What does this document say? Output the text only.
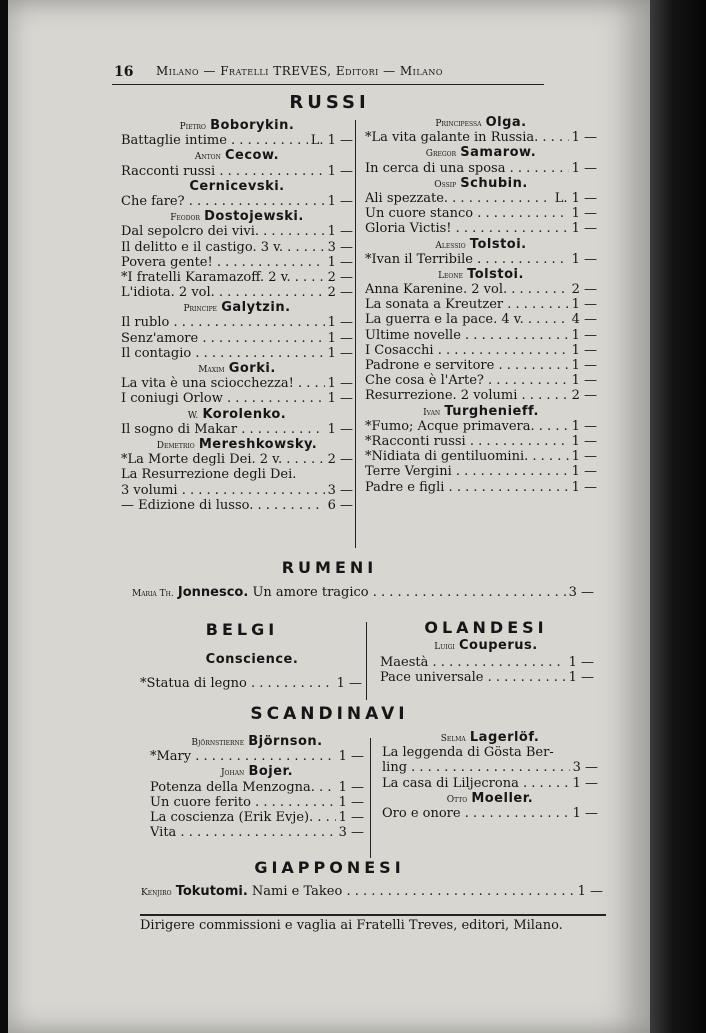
16 Milano — Fratelli TREVES, Editori — Milano
RUSSI
Pietro Boborykin.
Battaglie intime . . .	L. 1 —
Anton Cecow.
Racconti russi . . .	1 —
Cernicevski.
Che fare? . . .	1 —
Feodor Dostojewski.
Dal sepolcro dei vivi. . . .	1 —
Il delitto e il castigo. 3 v. . . .	3 —
Povera gente! . . .	1 —
*I fratelli Karamazoff. 2 v. . . .	2 —
L'idiota. 2 vol. . . .	2 —
Principe Galytzin.
Il rublo . . .	1 —
Senz'amore . . .	1 —
Il contagio . . .	1 —
Maxim Gorki.
La vita è una sciocchezza! . . .	1 —
I coniugi Orlow . . .	1 —
W. Korolenko.
Il sogno di Makar . . .	1 —
Demetrio Mereshkowsky.
*La Morte degli Dei. 2 v. . . .	2 —
La Resurrezione degli Dei.
3 volumi . . .	3 —
— Edizione di lusso. . . .	6 —
Principessa Olga.
*La vita galante in Russia. . . .	1 —
Gregor Samarow.
In cerca di una sposa . . .	1 —
Ossip Schubin.
Ali spezzate. . . .	L. 1 —
Un cuore stanco . . .	1 —
Gloria Victis! . . .	1 —
Alessio Tolstoi.
*Ivan il Terribile . . .	1 —
Leone Tolstoi.
Anna Karenine. 2 vol. . . .	2 —
La sonata a Kreutzer . . .	1 —
La guerra e la pace. 4 v. . . .	4 —
Ultime novelle . . .	1 —
I Cosacchi . . .	1 —
Padrone e servitore . . .	1 —
Che cosa è l'Arte? . . .	1 —
Resurrezione. 2 volumi . . .	2 —
Ivan Turghenieff.
*Fumo; Acque primavera. . . .	1 —
*Racconti russi . . .	1 —
*Nidiata di gentiluomini. . . .	1 —
Terre Vergini . . .	1 —
Padre e figli . . .	1 —
RUMENI
Maria Th. Jonnesco. Un amore tragico . . .	3 —
BELGI
Conscience.
*Statua di legno . . .	1 —
OLANDESI
Luigi Couperus.
Maestà . . .	1 —
Pace universale . . .	1 —
SCANDINAVI
Björnstierne Björnson.
*Mary . . .	1 —
Johan Bojer.
Potenza della Menzogna. . . .	1 —
Un cuore ferito . . .	1 —
La coscienza (Erik Evje). . . .	1 —
Vita . . .	3 —
Selma Lagerlöf.
La leggenda di Gösta Ber-
ling . . .	3 —
La casa di Liljecrona . . .	1 —
Otto Moeller.
Oro e onore . . .	1 —
GIAPPONESI
Kenjiro Tokutomi. Nami e Takeo . . .	1 —
Dirigere commissioni e vaglia ai Fratelli Treves, editori, Milano.
